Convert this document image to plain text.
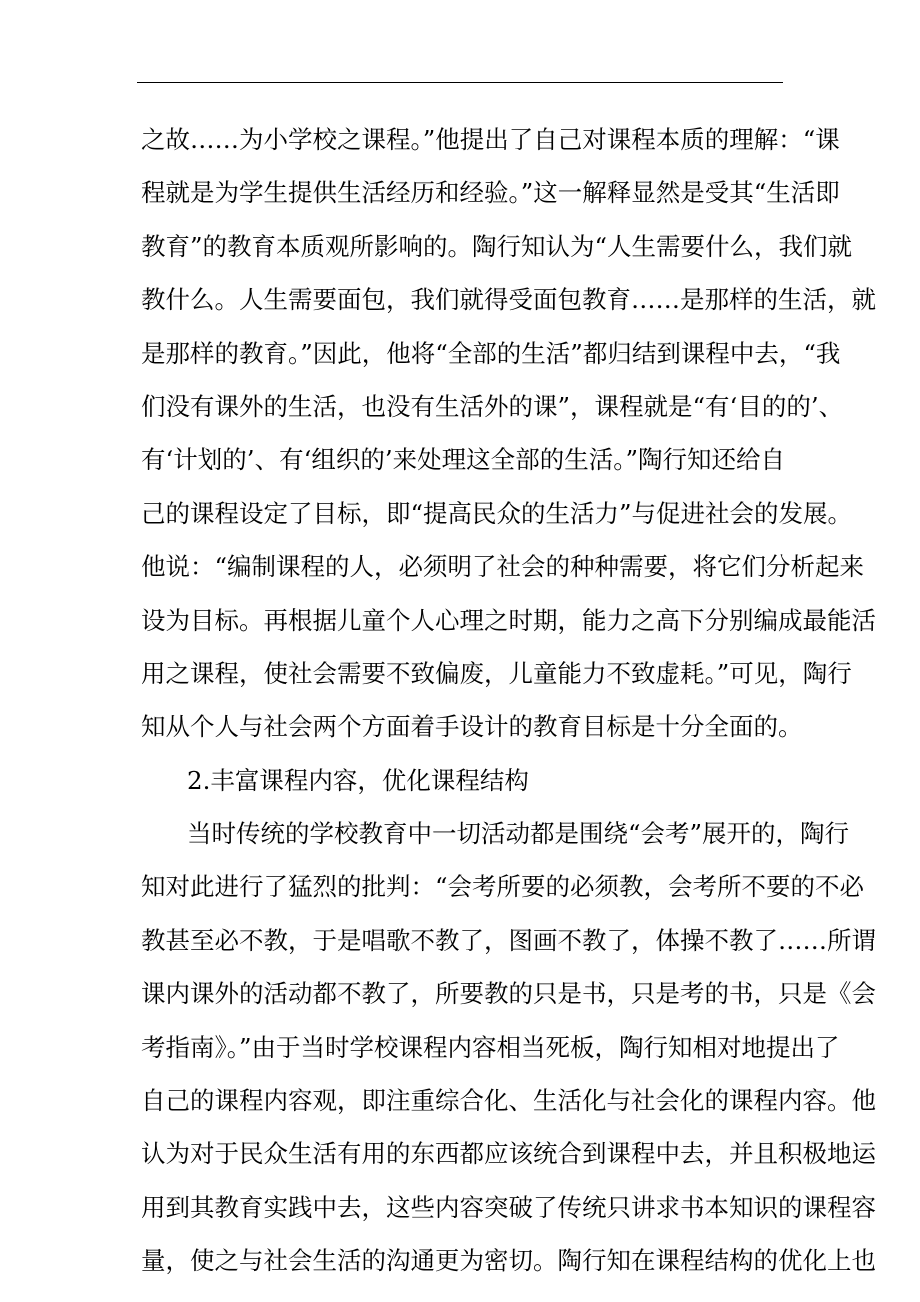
之故……为小学校之课程。”他提出了自己对课程本质的理解：“课
程就是为学生提供生活经历和经验。”这一解释显然是受其“生活即
教育”的教育本质观所影响的。陶行知认为“人生需要什么，我们就
教什么。人生需要面包，我们就得受面包教育……是那样的生活，就
是那样的教育。”因此，他将“全部的生活”都归结到课程中去，“我
们没有课外的生活，也没有生活外的课”，课程就是“有‘目的的’、
有‘计划的’、有‘组织的’来处理这全部的生活。”陶行知还给自
己的课程设定了目标，即“提高民众的生活力”与促进社会的发展。
他说：“编制课程的人，必须明了社会的种种需要，将它们分析起来
设为目标。再根据儿童个人心理之时期，能力之高下分别编成最能活
用之课程，使社会需要不致偏废，儿童能力不致虚耗。”可见，陶行
知从个人与社会两个方面着手设计的教育目标是十分全面的。
2.丰富课程内容，优化课程结构
当时传统的学校教育中一切活动都是围绕“会考”展开的，陶行
知对此进行了猛烈的批判：“会考所要的必须教，会考所不要的不必
教甚至必不教，于是唱歌不教了，图画不教了，体操不教了……所谓
课内课外的活动都不教了，所要教的只是书，只是考的书，只是《会
考指南》。”由于当时学校课程内容相当死板，陶行知相对地提出了
自己的课程内容观，即注重综合化、生活化与社会化的课程内容。他
认为对于民众生活有用的东西都应该统合到课程中去，并且积极地运
用到其教育实践中去，这些内容突破了传统只讲求书本知识的课程容
量，使之与社会生活的沟通更为密切。陶行知在课程结构的优化上也
